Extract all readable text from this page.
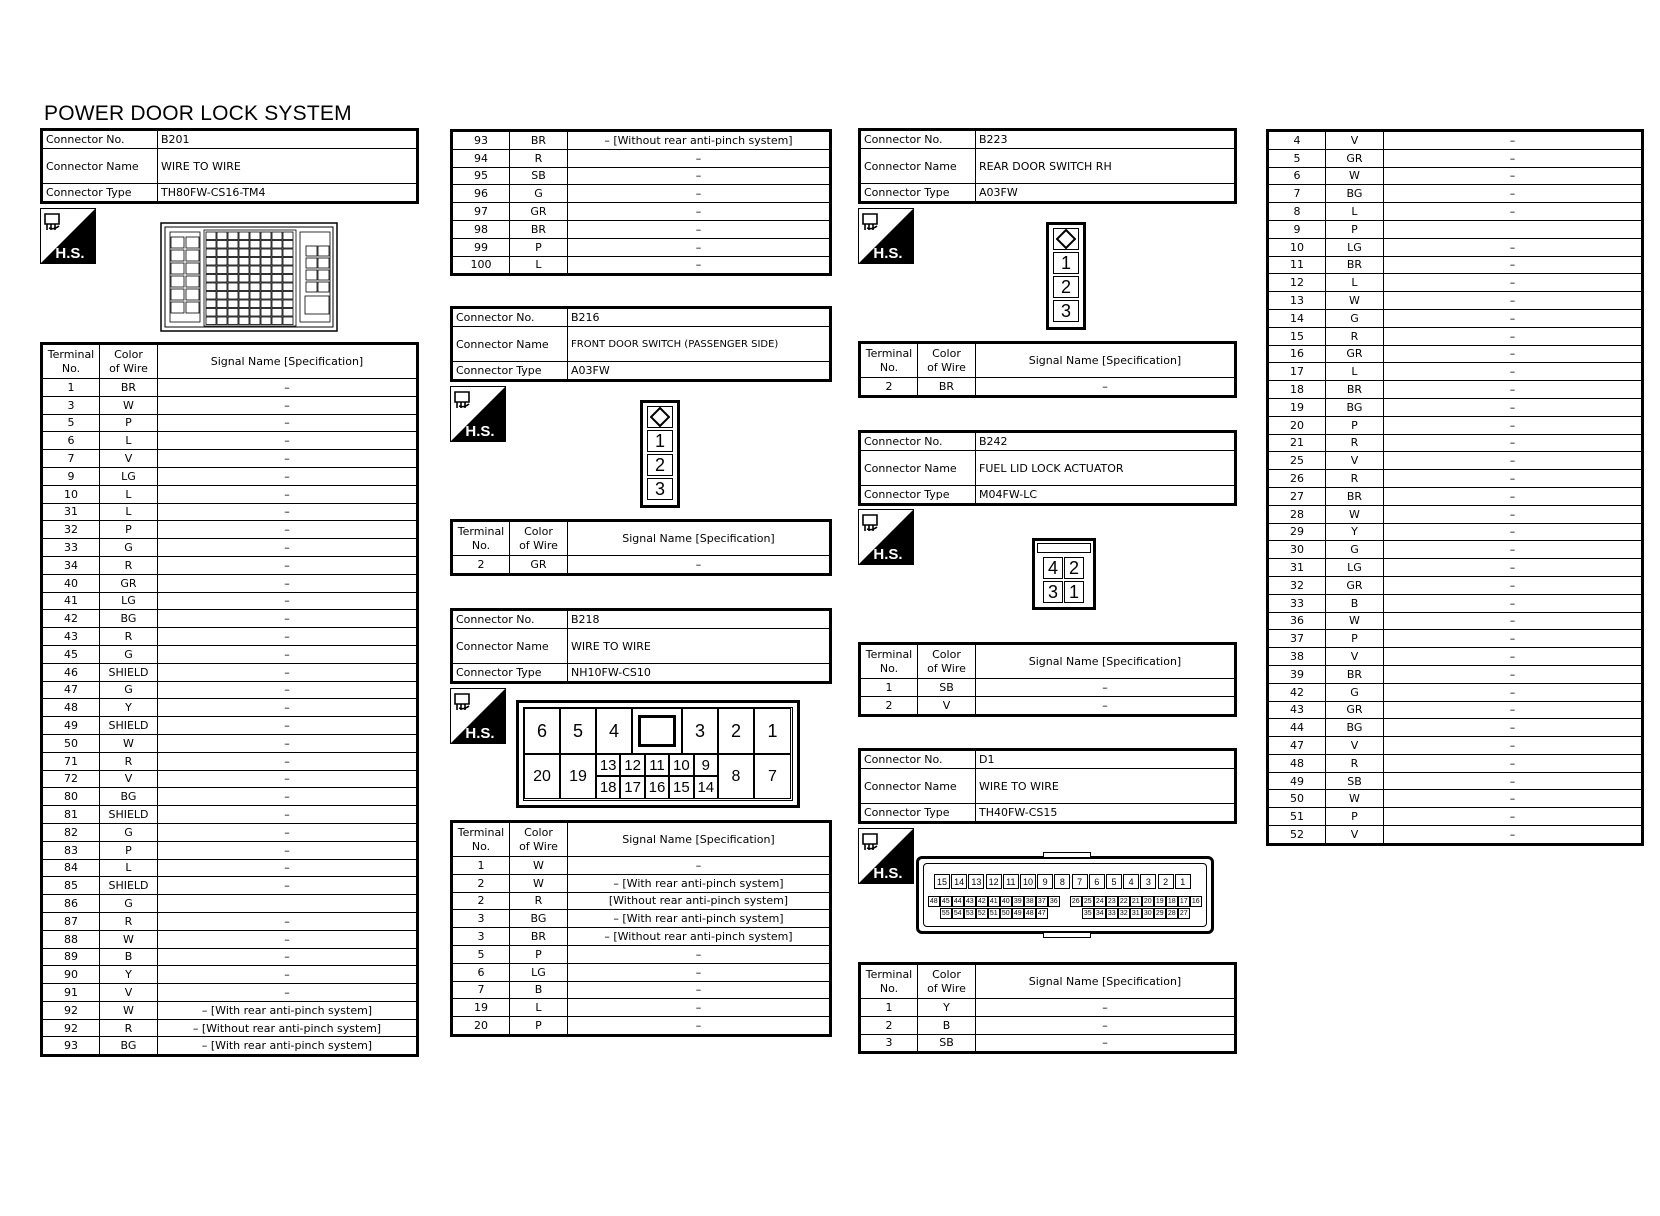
POWER DOOR LOCK SYSTEM
Connector No.	B201
Connector Name	WIRE TO WIRE
Connector Type	TH80FW-CS16-TM4
H.S.
Terminal
No.	Color
of Wire	Signal Name [Specification]
1	BR	–
3	W	–
5	P	–
6	L	–
7	V	–
9	LG	–
10	L	–
31	L	–
32	P	–
33	G	–
34	R	–
40	GR	–
41	LG	–
42	BG	–
43	R	–
45	G	–
46	SHIELD	–
47	G	–
48	Y	–
49	SHIELD	–
50	W	–
71	R	–
72	V	–
80	BG	–
81	SHIELD	–
82	G	–
83	P	–
84	L	–
85	SHIELD	–
86	G	
87	R	–
88	W	–
89	B	–
90	Y	–
91	V	–
92	W	– [With rear anti-pinch system]
92	R	– [Without rear anti-pinch system]
93	BG	– [With rear anti-pinch system]
93	BR	– [Without rear anti-pinch system]
94	R	–
95	SB	–
96	G	–
97	GR	–
98	BR	–
99	P	–
100	L	–
Connector No.	B216
Connector Name	FRONT DOOR SWITCH (PASSENGER SIDE)
Connector Type	A03FW
H.S.	1
2
3
Terminal
No.	Color
of Wire	Signal Name [Specification]
2	GR	–
Connector No.	B218
Connector Name	WIRE TO WIRE
Connector Type	NH10FW-CS10
H.S.	6	5	4	3	2	1
20	19
13
18
12
17
11
16
10
15
9
14
8	7
Terminal
No.	Color
of Wire	Signal Name [Specification]
1	W	–
2	W	– [With rear anti-pinch system]
2	R	[Without rear anti-pinch system]
3	BG	– [With rear anti-pinch system]
3	BR	– [Without rear anti-pinch system]
5	P	–
6	LG	–
7	B	–
19	L	–
20	P	–
Connector No.	B223
Connector Name	REAR DOOR SWITCH RH
Connector Type	A03FW
H.S.	1
2
3
Terminal
No.	Color
of Wire	Signal Name [Specification]
2	BR	–
Connector No.	B242
Connector Name	FUEL LID LOCK ACTUATOR
Connector Type	M04FW-LC
H.S.
4 2
3 1
Terminal
No.	Color
of Wire	Signal Name [Specification]
1	SB	–
2	V	–
Connector No.	D1
Connector Name	WIRE TO WIRE
Connector Type	TH40FW-CS15
H.S.	15 14 13 12 11 10	9	8	7	6	5	4	3	2	1
48 45 44 43 42 41 40 39 38 37 36 26 25 24 23 22 21 20 19 18 17 16
55 54 53 52 51 50 49 48 47	35 34 33 32 31 30 29 28 27
Terminal
No.	Color
of Wire	Signal Name [Specification]
1	Y	–
2	B	–
3	SB	–
4	V	–
5	GR	–
6	W	–
7	BG	–
8	L	–
9	P	
10	LG	–
11	BR	–
12	L	–
13	W	–
14	G	–
15	R	–
16	GR	–
17	L	–
18	BR	–
19	BG	–
20	P	–
21	R	–
25	V	–
26	R	–
27	BR	–
28	W	–
29	Y	–
30	G	–
31	LG	–
32	GR	–
33	B	–
36	W	–
37	P	–
38	V	–
39	BR	–
42	G	–
43	GR	–
44	BG	–
47	V	–
48	R	–
49	SB	–
50	W	–
51	P	–
52	V	–
